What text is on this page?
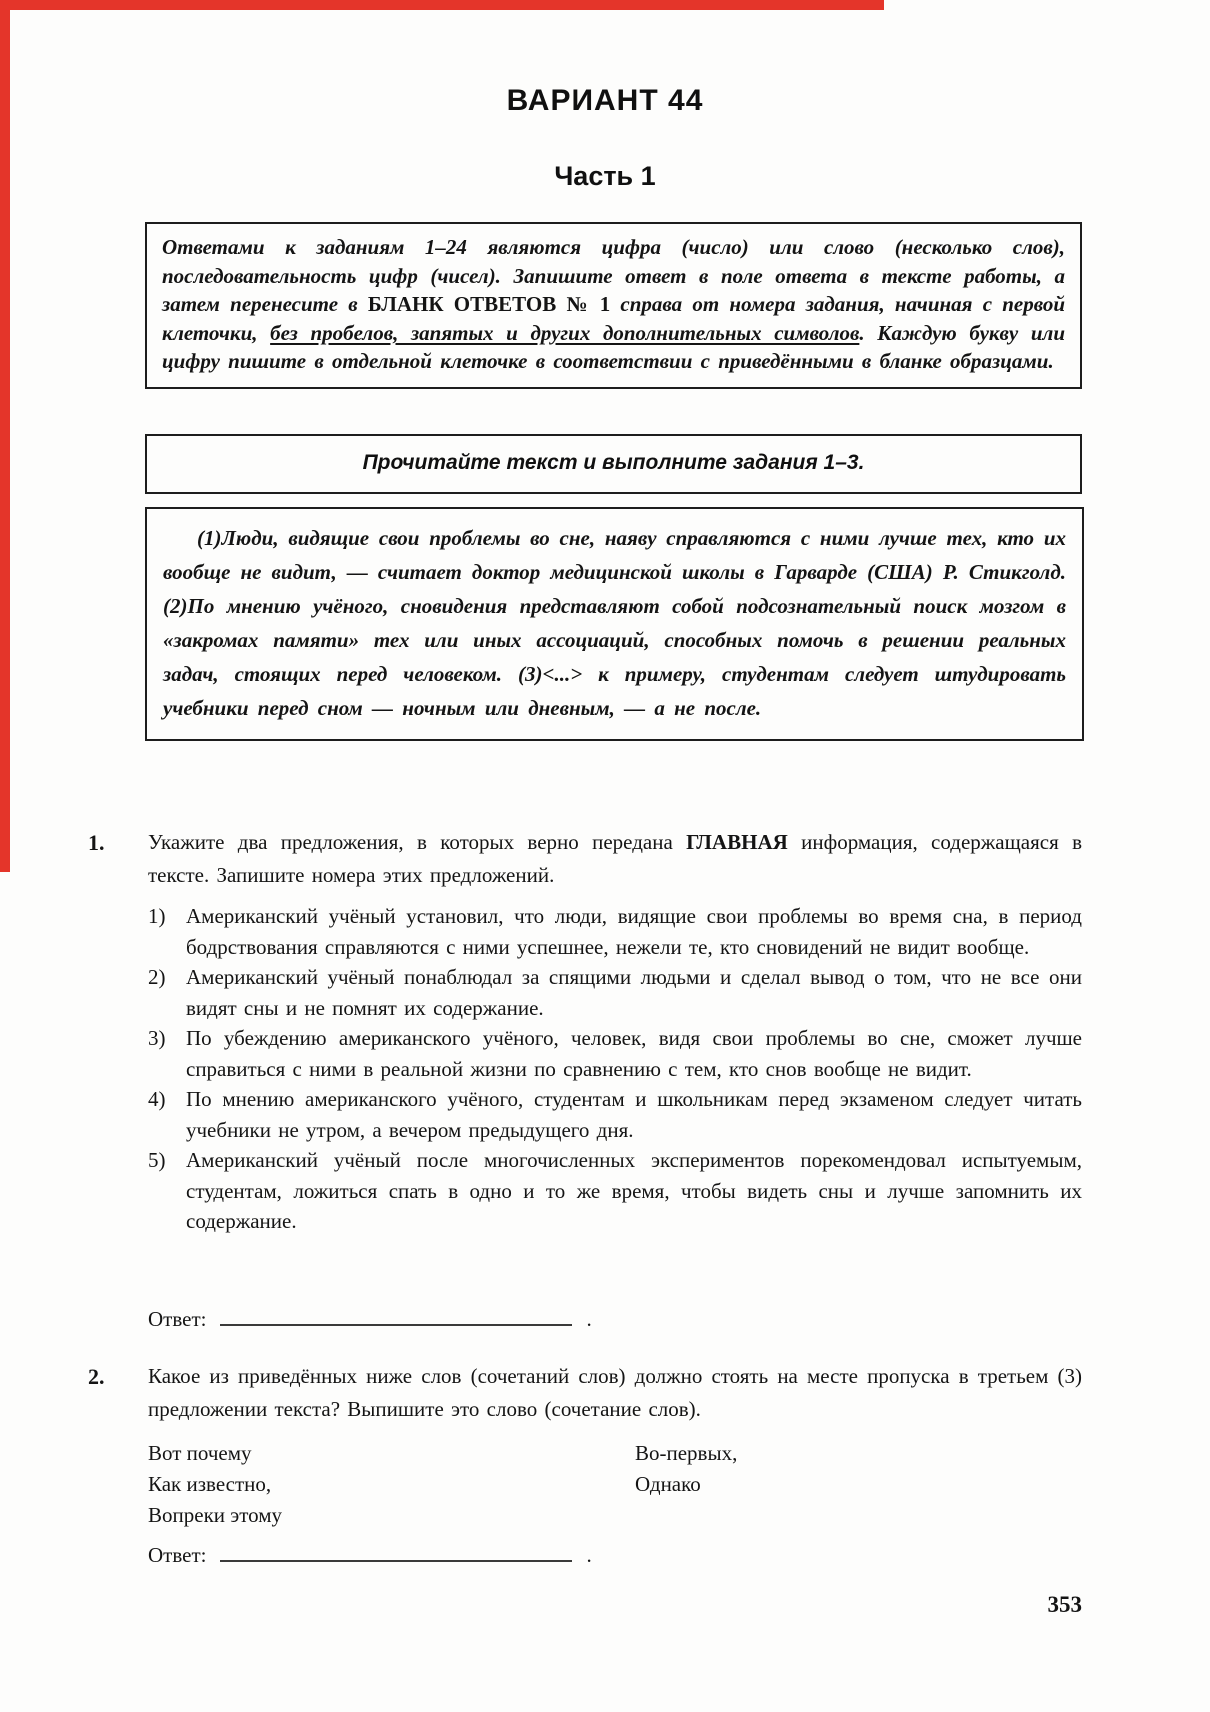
ВАРИАНТ 44
Часть 1

Ответами к заданиям 1–24 являются цифра (число) или слово (несколько слов), последовательность цифр (чисел). Запишите ответ в поле ответа в тексте работы, а затем перенесите в БЛАНК ОТВЕТОВ № 1 справа от номера задания, начиная с первой клеточки, без пробелов, запятых и других дополнительных символов. Каждую букву или цифру пишите в отдельной клеточке в соответствии с приведёнными в бланке образцами.

Прочитайте текст и выполните задания 1–3.

(1)Люди, видящие свои проблемы во сне, наяву справляются с ними лучше тех, кто их вообще не видит, — считает доктор медицинской школы в Гарварде (США) Р. Стикголд. (2)По мнению учёного, сновидения представляют собой подсознательный поиск мозгом в «закромах памяти» тех или иных ассоциаций, способных помочь в решении реальных задач, стоящих перед человеком. (3)<...> к примеру, студентам следует штудировать учебники перед сном — ночным или дневным, — а не после.

1.	Укажите два предложения, в которых верно передана ГЛАВНАЯ информация, содержащаяся в тексте. Запишите номера этих предложений.
1) Американский учёный установил, что люди, видящие свои проблемы во время сна, в период бодрствования справляются с ними успешнее, нежели те, кто сновидений не видит вообще.
2) Американский учёный понаблюдал за спящими людьми и сделал вывод о том, что не все они видят сны и не помнят их содержание.
3) По убеждению американского учёного, человек, видя свои проблемы во сне, сможет лучше справиться с ними в реальной жизни по сравнению с тем, кто снов вообще не видит.
4) По мнению американского учёного, студентам и школьникам перед экзаменом следует читать учебники не утром, а вечером предыдущего дня.
5) Американский учёный после многочисленных экспериментов порекомендовал испытуемым, студентам, ложиться спать в одно и то же время, чтобы видеть сны и лучше запомнить их содержание.
Ответ:	.
2.	Какое из приведённых ниже слов (сочетаний слов) должно стоять на месте пропуска в третьем (3) предложении текста? Выпишите это слово (сочетание слов).
Вот почему
Как известно,
Вопреки этому
Во-первых,
Однако
Ответ:	.
353
